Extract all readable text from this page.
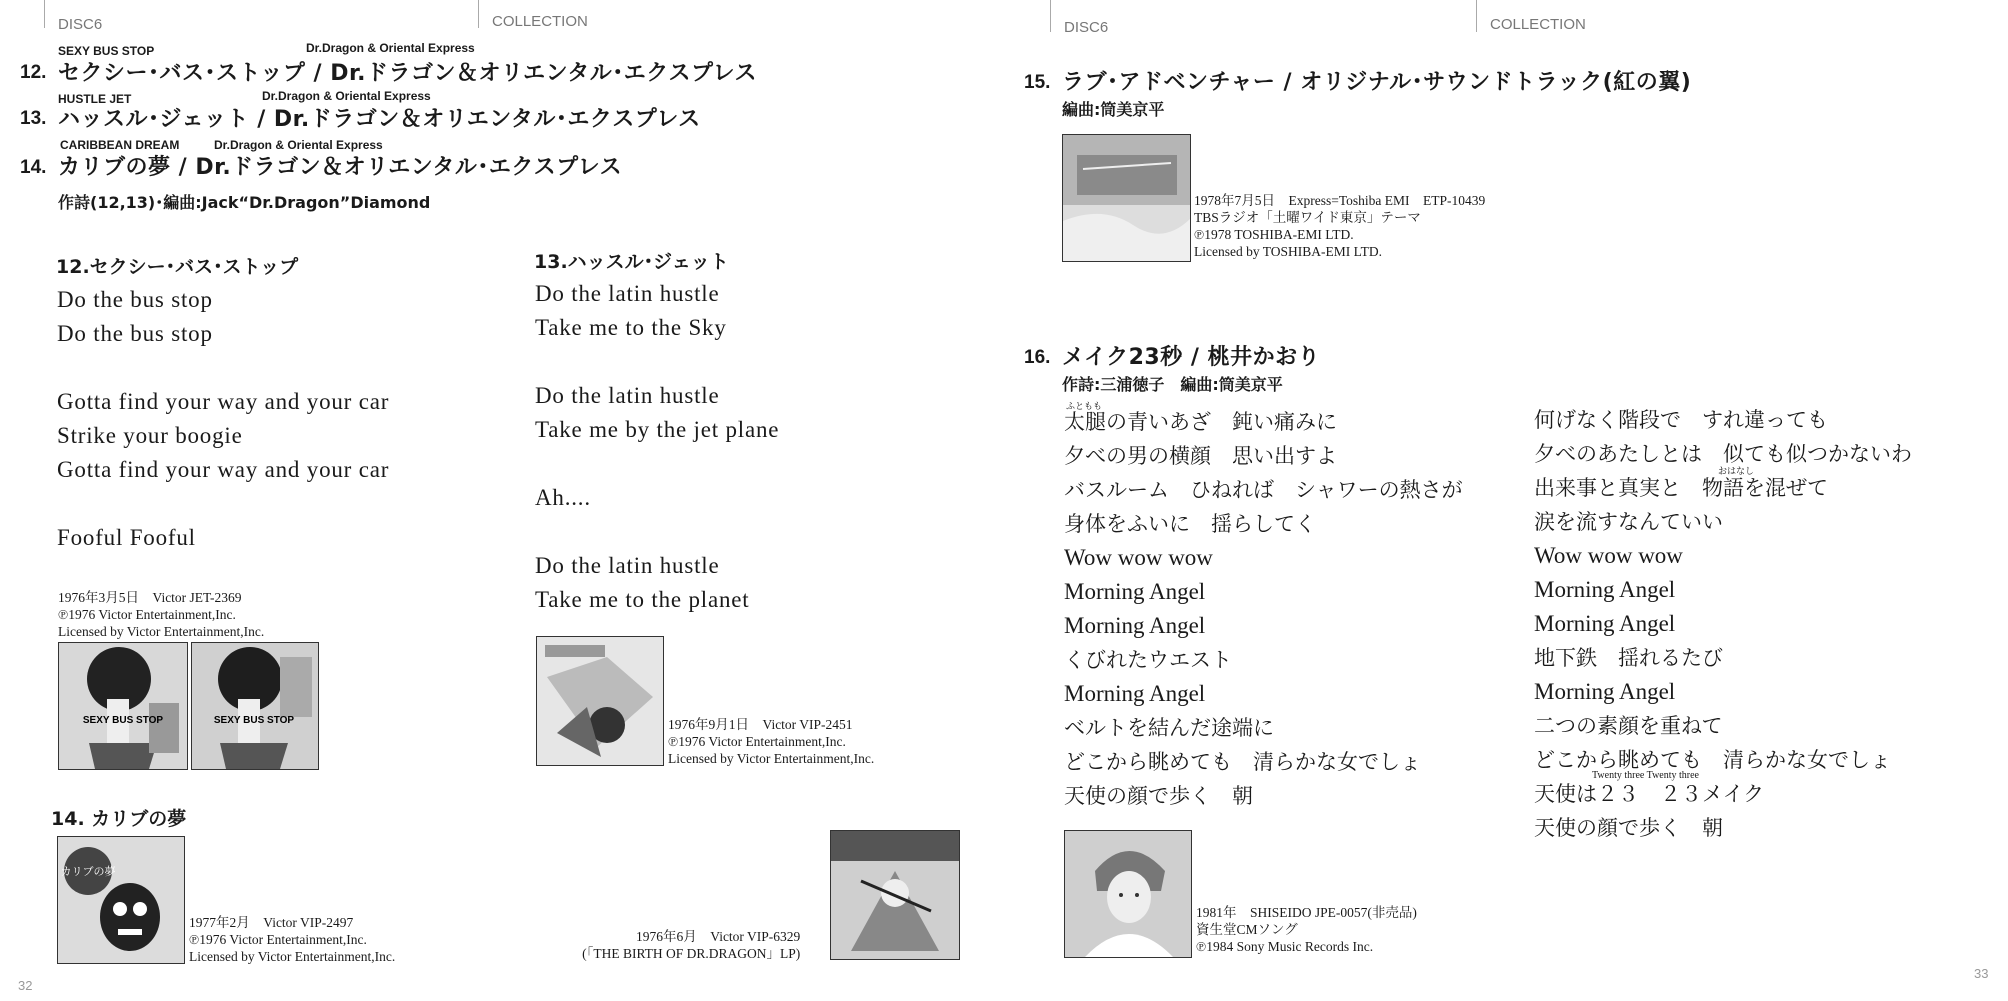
DISC6	COLLECTION
SEXY BUS STOP	Dr.Dragon & Oriental Express
12. セクシー･バス･ストップ / Dr.ドラゴン＆オリエンタル･エクスプレス
HUSTLE JET	Dr.Dragon & Oriental Express
13. ハッスル･ジェット / Dr.ドラゴン＆オリエンタル･エクスプレス
CARIBBEAN DREAM	Dr.Dragon & Oriental Express
14. カリブの夢 / Dr.ドラゴン＆オリエンタル･エクスプレス
作詩(12,13)･編曲:Jack“Dr.Dragon”Diamond
12.セクシー･バス･ストップ
Do the bus stop
Do the bus stop

Gotta find your way and your car
Strike your boogie
Gotta find your way and your car

Fooful Fooful
1976年3月5日　Victor JET-2369
℗1976 Victor Entertainment,Inc.
Licensed by Victor Entertainment,Inc.
SEXY BUS STOP	SEXY BUS STOP
13.ハッスル･ジェット
Do the latin hustle
Take me to the Sky

Do the latin hustle
Take me by the jet plane

Ah....

Do the latin hustle
Take me to the planet
1976年9月1日　Victor VIP-2451
℗1976 Victor Entertainment,Inc.
Licensed by Victor Entertainment,Inc.
14. カリブの夢
カリブの夢
1977年2月　Victor VIP-2497
℗1976 Victor Entertainment,Inc.
Licensed by Victor Entertainment,Inc.
1976年6月　Victor VIP-6329
(「THE BIRTH OF DR.DRAGON」LP)
32
DISC6	COLLECTION
15. ラブ･アドベンチャー / オリジナル･サウンドトラック(紅の翼)
編曲:筒美京平
1978年7月5日　Express=Toshiba EMI　ETP-10439
TBSラジオ「土曜ワイド東京」テーマ
℗1978 TOSHIBA-EMI LTD.
Licensed by TOSHIBA-EMI LTD.
16. メイク23秒 / 桃井かおり
作詩:三浦徳子　編曲:筒美京平
ふともも
太腿の青いあざ　鈍い痛みに
夕べの男の横顔　思い出すよ
バスルーム　ひねれば　シャワーの熱さが
身体をふいに　揺らしてく
Wow wow wow
Morning Angel
Morning Angel
くびれたウエスト
Morning Angel
ベルトを結んだ途端に
どこから眺めても　清らかな女でしょ
天使の顔で歩く　朝
おはなし
Twenty three Twenty three
何げなく階段で　すれ違っても
夕べのあたしとは　似ても似つかないわ
出来事と真実と　物語を混ぜて
涙を流すなんていい
Wow wow wow
Morning Angel
Morning Angel
地下鉄　揺れるたび
Morning Angel
二つの素顔を重ねて
どこから眺めても　清らかな女でしょ
天使は２３　２３メイク
天使の顔で歩く　朝
1981年　SHISEIDO JPE-0057(非売品)
資生堂CMソング
℗1984 Sony Music Records Inc.
33
